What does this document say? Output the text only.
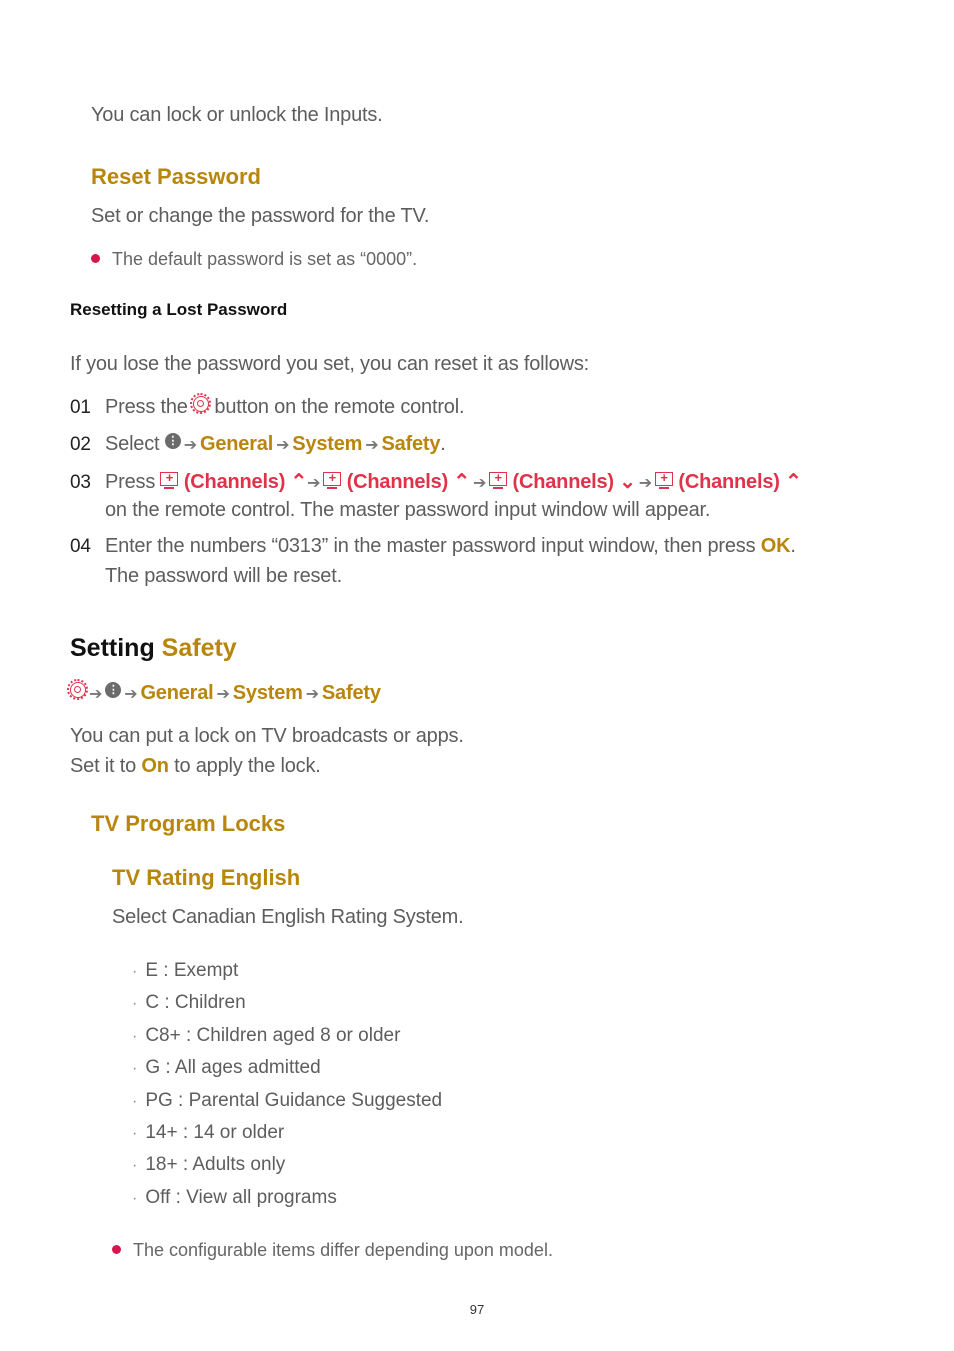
You can lock or unlock the Inputs.
Reset Password
Set or change the password for the TV.
The default password is set as “0000”.
Resetting a Lost Password
If you lose the password you set, you can reset it as follows:
01 Press the button on the remote control.
02 Select ⋮ ➔ General ➔ System ➔ Safety.
03 Press + (Channels) ⌃➔ + (Channels) ⌃ ➔ + (Channels) ⌄ ➔ + (Channels) ⌃
on the remote control. The master password input window will appear.
04 Enter the numbers “0313” in the master password input window, then press OK.
The password will be reset.
Setting Safety
➔ ⋮ ➔ General ➔ System ➔ Safety
You can put a lock on TV broadcasts or apps.
Set it to On to apply the lock.
TV Program Locks
TV Rating English
Select Canadian English Rating System.
· E : Exempt
· C : Children
· C8+ : Children aged 8 or older
· G : All ages admitted
· PG : Parental Guidance Suggested
· 14+ : 14 or older
· 18+ : Adults only
· Off : View all programs
The configurable items differ depending upon model.
97
